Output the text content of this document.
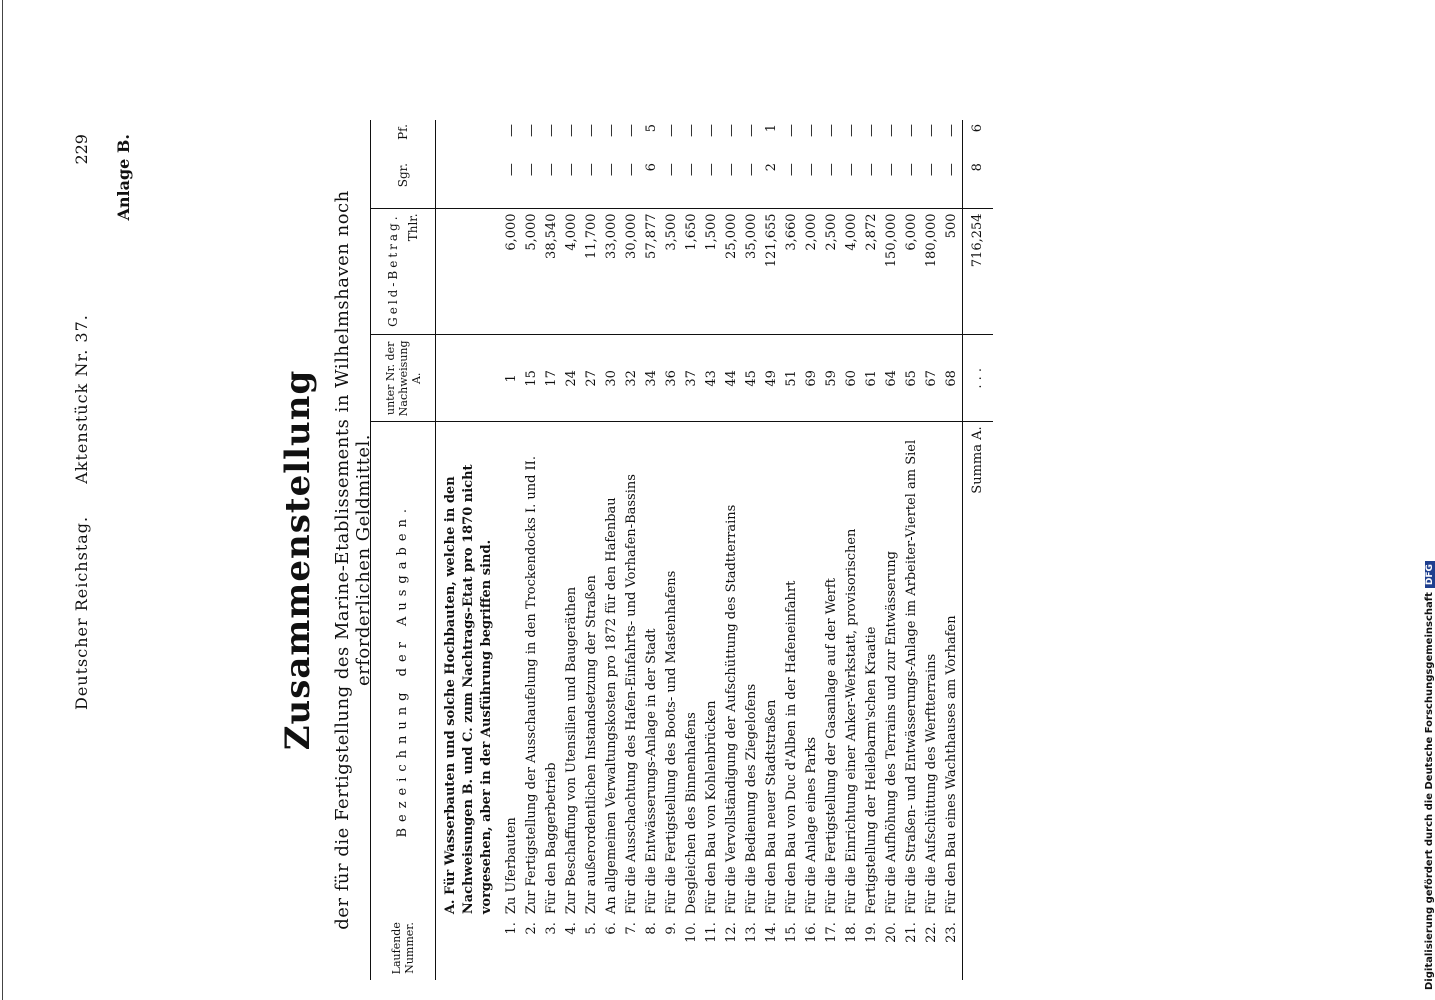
Deutscher Reichstag. Aktenstück Nr. 37.
229 Anlage B.
Zusammenstellung der für die Fertigstellung des Marine-Etablissements in Wilhelmshaven noch erforderlichen Geldmittel.
Laufende Nummer.	Bezeichnung der Ausgaben.	unter Nr. der Nachweisung A.	Geld-Betrag. Thlr.	Sgr.	Pf.
	A. Für Wasserbauten und solche Hochbauten, welche in den Nachweisungen B. und C. zum Nachtrags-Etat pro 1870 nicht vorgesehen, aber in der Ausführung begriffen sind.				
1.	Zu Uferbauten	1	6,000	—	—
2.	Zur Fertigstellung der Ausschaufelung in den Trockendocks I. und II.	15	5,000	—	—
3.	Für den Baggerbetrieb	17	38,540	—	—
4.	Zur Beschaffung von Utensilien und Baugeräthen	24	4,000	—	—
5.	Zur außerordentlichen Instandsetzung der Straßen	27	11,700	—	—
6.	An allgemeinen Verwaltungskosten pro 1872 für den Hafenbau	30	33,000	—	—
7.	Für die Ausschachtung des Hafen-Einfahrts- und Vorhafen-Bassins	32	30,000	—	—
8.	Für die Entwässerungs-Anlage in der Stadt	34	57,877	6	5
9.	Für die Fertigstellung des Boots- und Mastenhafens	36	3,500	—	—
10.	Desgleichen des Binnenhafens	37	1,650	—	—
11.	Für den Bau von Kohlenbrücken	43	1,500	—	—
12.	Für die Vervollständigung der Aufschüttung des Stadtterrains	44	25,000	—	—
13.	Für die Bedienung des Ziegelofens	45	35,000	—	—
14.	Für den Bau neuer Stadtstraßen	49	121,655	2	1
15.	Für den Bau von Duc d'Alben in der Hafeneinfahrt	51	3,660	—	—
16.	Für die Anlage eines Parks	69	2,000	—	—
17.	Für die Fertigstellung der Gasanlage auf der Werft	59	2,500	—	—
18.	Für die Einrichtung einer Anker-Werkstatt, provisorischen	60	4,000	—	—
19.	Fertigstellung der Heilebarm'schen Kraatie	61	2,872	—	—
20.	Für die Aufhöhung des Terrains und zur Entwässerung	64	150,000	—	—
21.	Für die Straßen- und Entwässerungs-Anlage im Arbeiter-Viertel am Siel	65	6,000	—	—
22.	Für die Aufschüttung des Werftterrains	67	180,000	—	—
23.	Für den Bau eines Wachthauses am Vorhafen	68	500	—	—
	Summa A.	. . .	716,254	8	6
Digitalisierung gefördert durch die Deutsche ForschungsgemeinschaftDFG
